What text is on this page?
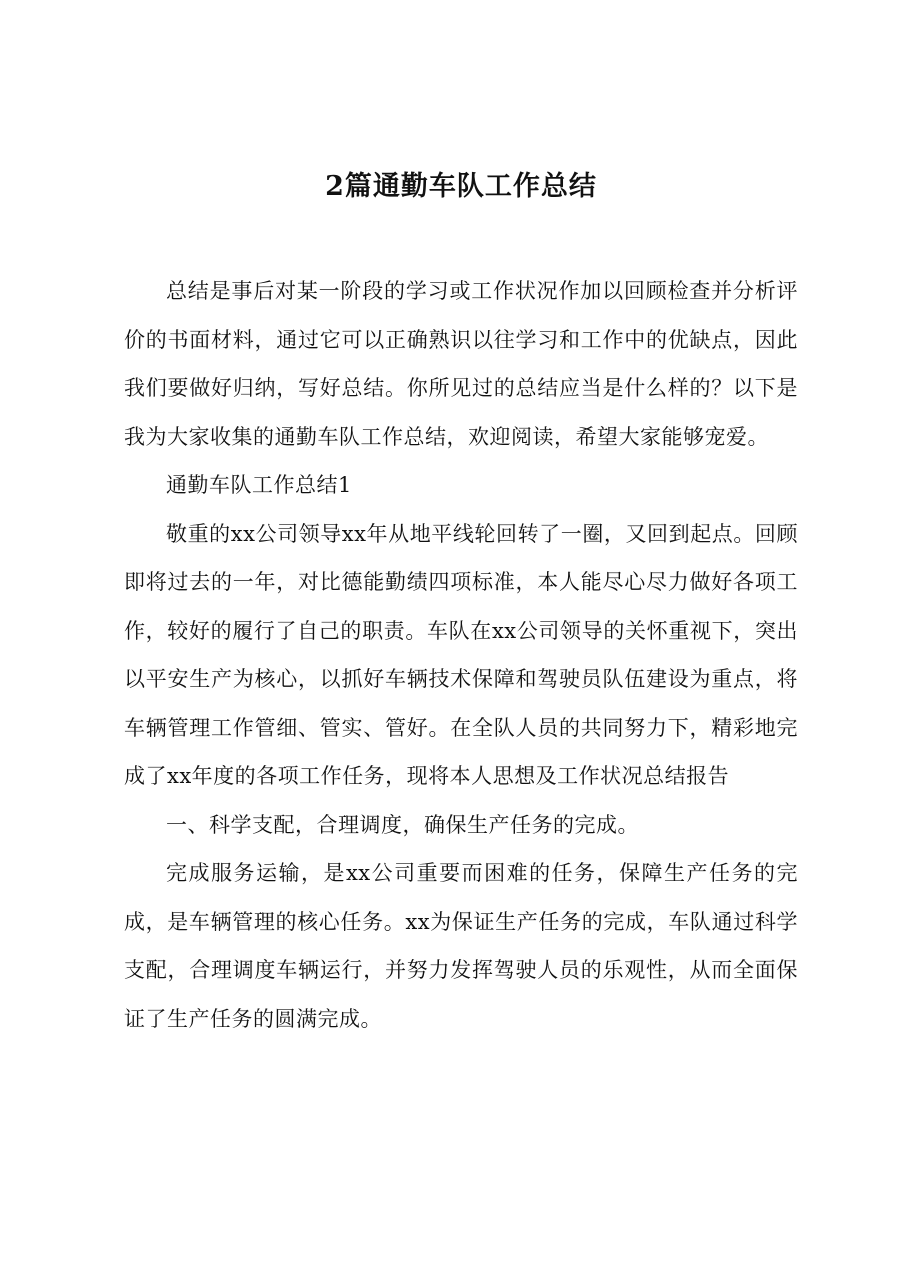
2篇通勤车队工作总结

总结是事后对某一阶段的学习或工作状况作加以回顾检查并分析评价的书面材料，通过它可以正确熟识以往学习和工作中的优缺点，因此我们要做好归纳，写好总结。你所见过的总结应当是什么样的？以下是我为大家收集的通勤车队工作总结，欢迎阅读，希望大家能够宠爱。

通勤车队工作总结1

敬重的xx公司领导xx年从地平线轮回转了一圈，又回到起点。回顾即将过去的一年，对比德能勤绩四项标准，本人能尽心尽力做好各项工作，较好的履行了自己的职责。车队在xx公司领导的关怀重视下，突出以平安生产为核心，以抓好车辆技术保障和驾驶员队伍建设为重点，将车辆管理工作管细、管实、管好。在全队人员的共同努力下，精彩地完成了xx年度的各项工作任务，现将本人思想及工作状况总结报告

一、科学支配，合理调度，确保生产任务的完成。

完成服务运输，是xx公司重要而困难的任务，保障生产任务的完成，是车辆管理的核心任务。xx为保证生产任务的完成，车队通过科学支配，合理调度车辆运行，并努力发挥驾驶人员的乐观性，从而全面保证了生产任务的圆满完成。
